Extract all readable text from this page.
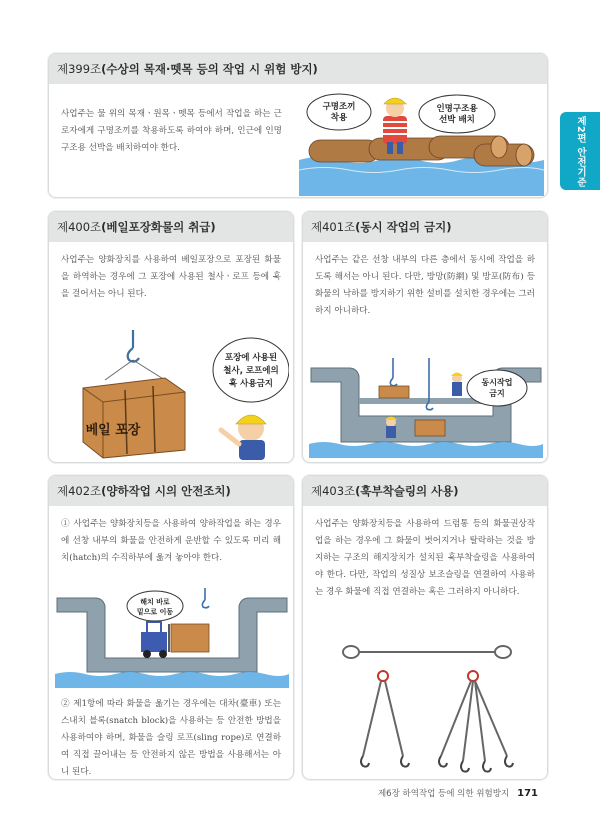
제2편 안전기준
제399조 (수상의 목재·뗏목 등의 작업 시 위험 방지)
사업주는 물 위의 목재ㆍ원목ㆍ뗏목 등에서 작업을 하는 근로자에게 구명조끼를 착용하도록 하여야 하며, 인근에 인명구조용 선박을 배치하여야 한다.
구명조끼
착용
인명구조용
선박 배치
제400조 (베일포장화물의 취급)
사업주는 양화장치를 사용하여 베일포장으로 포장된 화물을 하역하는 경우에 그 포장에 사용된 철사ㆍ로프 등에 훅을 걸어서는 아니 된다.
베일 포장
포장에 사용된
철사, 로프에의
훅 사용금지
제401조 (동시 작업의 금지)
사업주는 같은 선창 내부의 다른 층에서 동시에 작업을 하도록 해서는 아니 된다. 다만, 방망(防網) 및 방포(防布) 등 화물의 낙하를 방지하기 위한 설비를 설치한 경우에는 그러하지 아니하다.
동시작업
금지
제402조 (양하작업 시의 안전조치)
① 사업주는 양화장치등을 사용하여 양하작업을 하는 경우에 선창 내부의 화물을 안전하게 운반할 수 있도록 미리 해치(hatch)의 수직하부에 옮겨 놓아야 한다.
해치 바로
밑으로 이동
② 제1항에 따라 화물을 옮기는 경우에는 대차(臺車) 또는 스내치 블록(snatch block)을 사용하는 등 안전한 방법을 사용하여야 하며, 화물을 슬링 로프(sling rope)로 연결하여 직접 끌어내는 등 안전하지 않은 방법을 사용해서는 아니 된다.
제403조 (훅부착슬링의 사용)
사업주는 양화장치등을 사용하여 드럼통 등의 화물권상작업을 하는 경우에 그 화물이 벗어지거나 탈락하는 것을 방지하는 구조의 해지장치가 설치된 훅부착슬링을 사용하여야 한다. 다만, 작업의 성질상 보조슬링을 연결하여 사용하는 경우 화물에 직접 연결하는 혹은 그러하지 아니하다.
제6장 하역작업 등에 의한 위험방지 171
